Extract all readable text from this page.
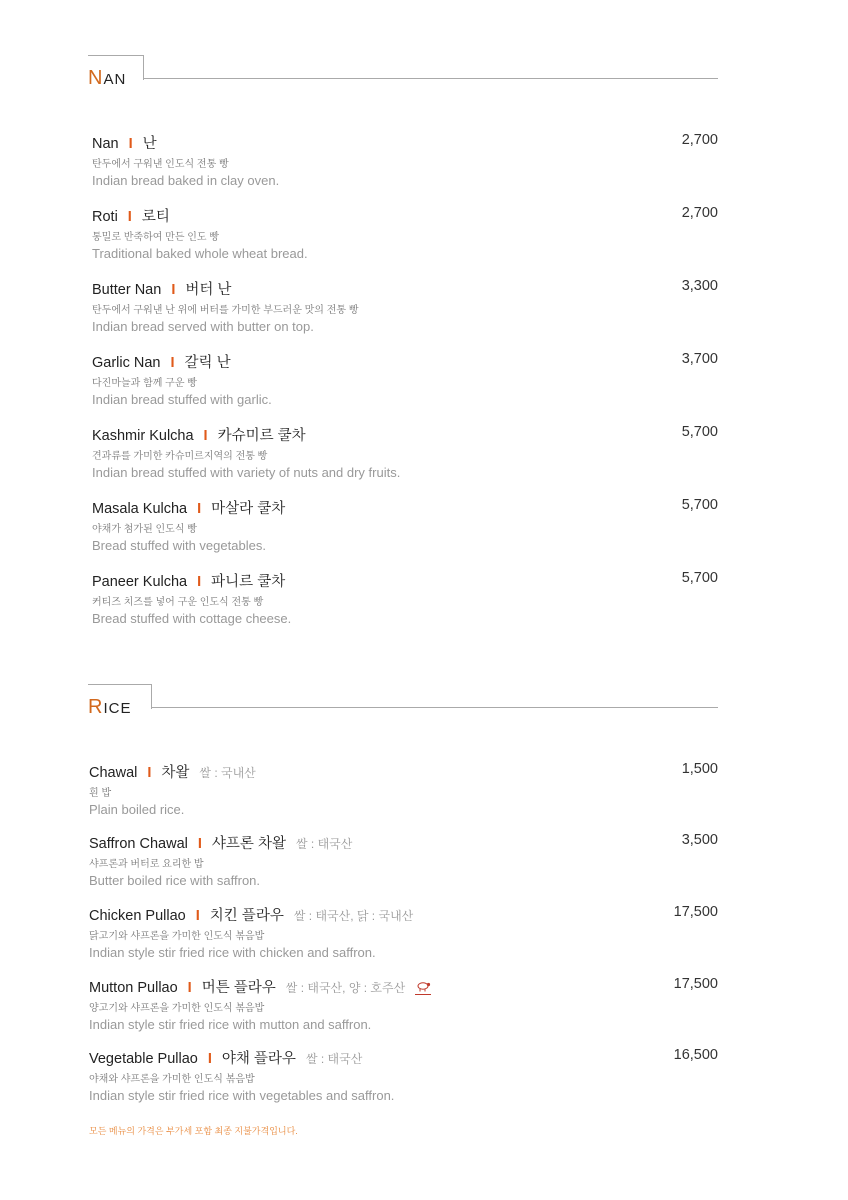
NAN
Nan I 난
탄두에서 구워낸 인도식 전통 빵
Indian bread baked in clay oven.
2,700
Roti I 로티
통밀로 반죽하여 만든 인도 빵
Traditional baked whole wheat bread.
2,700
Butter Nan I 버터 난
탄두에서 구워낸 난 위에 버터를 가미한 부드러운 맛의 전통 빵
Indian bread served with butter on top.
3,300
Garlic Nan I 갈릭 난
다진마늘과 함께 구운 빵
Indian bread stuffed with garlic.
3,700
Kashmir Kulcha I 카슈미르 쿨차
견과류를 가미한 카슈미르지역의 전통 빵
Indian bread stuffed with variety of nuts and dry fruits.
5,700
Masala Kulcha I 마살라 쿨차
야채가 첨가된 인도식 빵
Bread stuffed with vegetables.
5,700
Paneer Kulcha I 파니르 쿨차
커티즈 치즈를 넣어 구운 인도식 전통 빵
Bread stuffed with cottage cheese.
5,700
RICE
Chawal I 차왈 쌀 : 국내산
흰 밥
Plain boiled rice.
1,500
Saffron Chawal I 샤프론 차왈 쌀 : 태국산
샤프론과 버터로 요리한 밥
Butter boiled rice with saffron.
3,500
Chicken Pullao I 치킨 플라우 쌀 : 태국산, 닭 : 국내산
닭고기와 샤프론을 가미한 인도식 볶음밥
Indian style stir fried rice with chicken and saffron.
17,500
Mutton Pullao I 머튼 플라우 쌀 : 태국산, 양 : 호주산
양고기와 샤프론을 가미한 인도식 볶음밥
Indian style stir fried rice with mutton and saffron.
17,500
Vegetable Pullao I 야채 플라우 쌀 : 태국산
야채와 샤프론을 가미한 인도식 볶음밥
Indian style stir fried rice with vegetables and saffron.
16,500
모든 메뉴의 가격은 부가세 포함 최종 지불가격입니다.
